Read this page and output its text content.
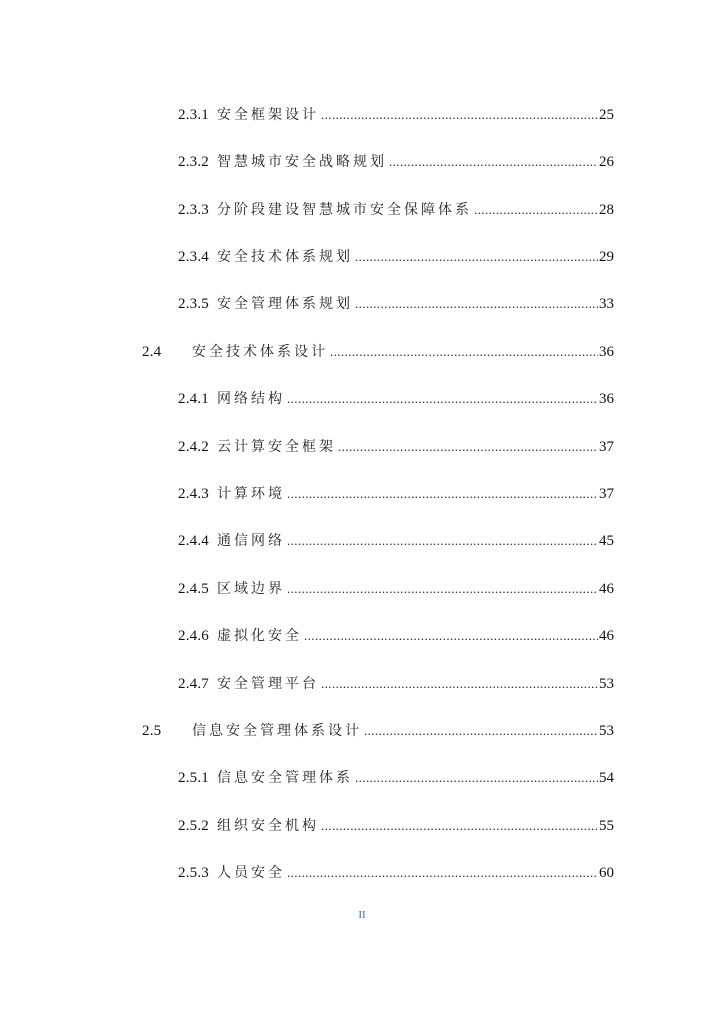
2.3.1 安全框架设计 .....	25
2.3.2 智慧城市安全战略规划 .....	26
2.3.3 分阶段建设智慧城市安全保障体系 .....	28
2.3.4 安全技术体系规划 .....	29
2.3.5 安全管理体系规划 .....	33
2.4	安全技术体系设计 .....	36
2.4.1 网络结构 .....	36
2.4.2 云计算安全框架 .....	37
2.4.3 计算环境 .....	37
2.4.4 通信网络 .....	45
2.4.5 区域边界 .....	46
2.4.6 虚拟化安全 .....	46
2.4.7 安全管理平台 .....	53
2.5	信息安全管理体系设计 .....	53
2.5.1 信息安全管理体系 .....	54
2.5.2 组织安全机构 .....	55
2.5.3 人员安全 .....	60
II
